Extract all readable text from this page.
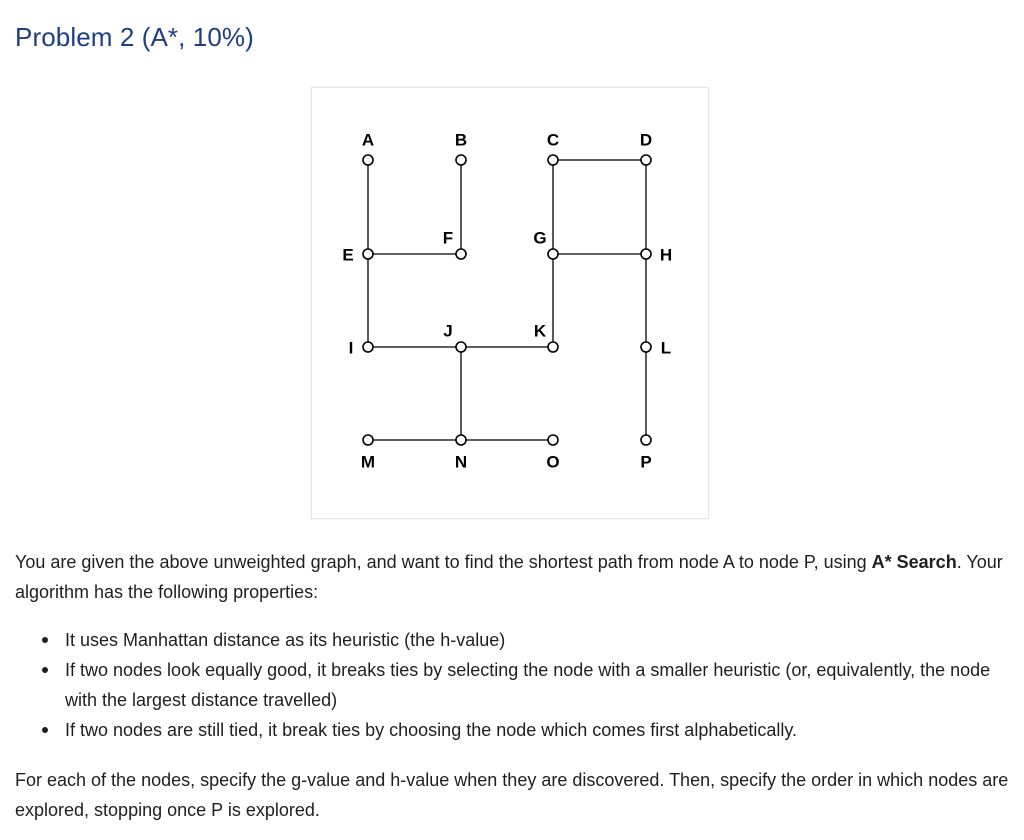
Problem 2 (A*, 10%)
A	B	C	D
E
F	G
H
I
J	K
L
M	N	O	P

You are given the above unweighted graph, and want to find the shortest path from node A to node P, using A* Search. Your algorithm has the following properties:

It uses Manhattan distance as its heuristic (the h-value)
If two nodes look equally good, it breaks ties by selecting the node with a smaller heuristic (or, equivalently, the node with the largest distance travelled)
If two nodes are still tied, it break ties by choosing the node which comes first alphabetically.

For each of the nodes, specify the g-value and h-value when they are discovered. Then, specify the order in which nodes are explored, stopping once P is explored.
